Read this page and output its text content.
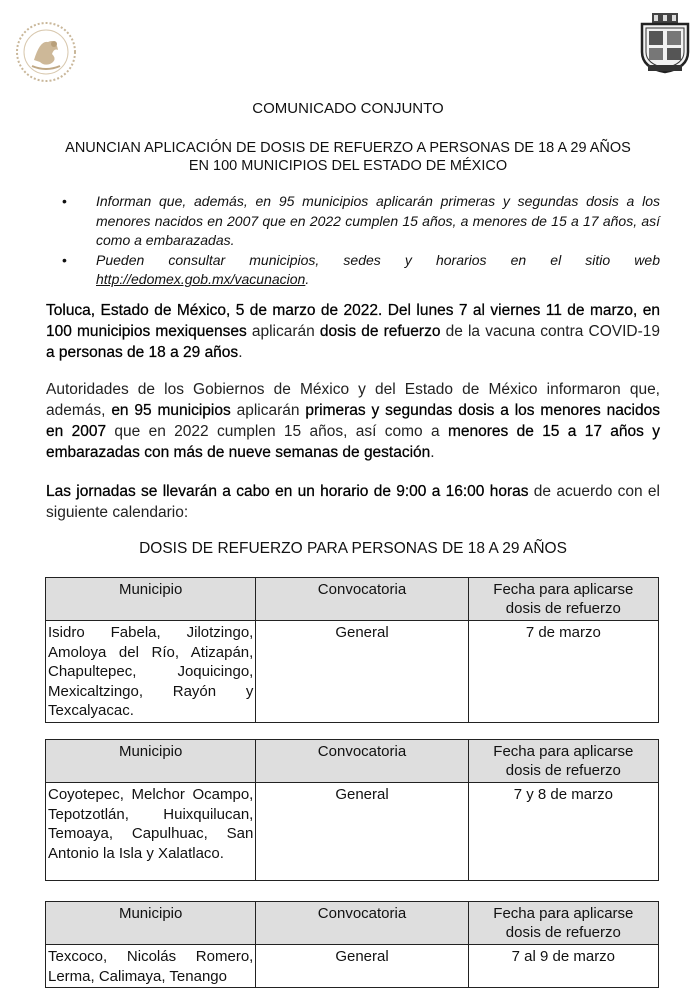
COMUNICADO CONJUNTO
ANUNCIAN APLICACIÓN DE DOSIS DE REFUERZO A PERSONAS DE 18 A 29 AÑOS
EN 100 MUNICIPIOS DEL ESTADO DE MÉXICO
• Informan que, además, en 95 municipios aplicarán primeras y segundas dosis a los menores nacidos en 2007 que en 2022 cumplen 15 años, a menores de 15 a 17 años, así como a embarazadas.
• Pueden consultar municipios, sedes y horarios en el sitio web http://edomex.gob.mx/vacunacion.
Toluca, Estado de México, 5 de marzo de 2022. Del lunes 7 al viernes 11 de marzo, en 100 municipios mexiquenses aplicarán dosis de refuerzo de la vacuna contra COVID-19 a personas de 18 a 29 años.
Autoridades de los Gobiernos de México y del Estado de México informaron que, además, en 95 municipios aplicarán primeras y segundas dosis a los menores nacidos en 2007 que en 2022 cumplen 15 años, así como a menores de 15 a 17 años y embarazadas con más de nueve semanas de gestación.
Las jornadas se llevarán a cabo en un horario de 9:00 a 16:00 horas de acuerdo con el siguiente calendario:
DOSIS DE REFUERZO PARA PERSONAS DE 18 A 29 AÑOS
Municipio	Convocatoria	Fecha para aplicarse
dosis de refuerzo
Isidro Fabela, Jilotzingo, Amoloya del Río, Atizapán, Chapultepec, Joquicingo, Mexicaltzingo, Rayón y Texcalyacac.	General	7 de marzo
Municipio	Convocatoria	Fecha para aplicarse
dosis de refuerzo
Coyotepec, Melchor Ocampo, Tepotzotlán, Huixquilucan, Temoaya, Capulhuac, San Antonio la Isla y Xalatlaco.	General	7 y 8 de marzo
Municipio	Convocatoria	Fecha para aplicarse
dosis de refuerzo
Texcoco, Nicolás Romero, Lerma, Calimaya, Tenango	General	7 al 9 de marzo
